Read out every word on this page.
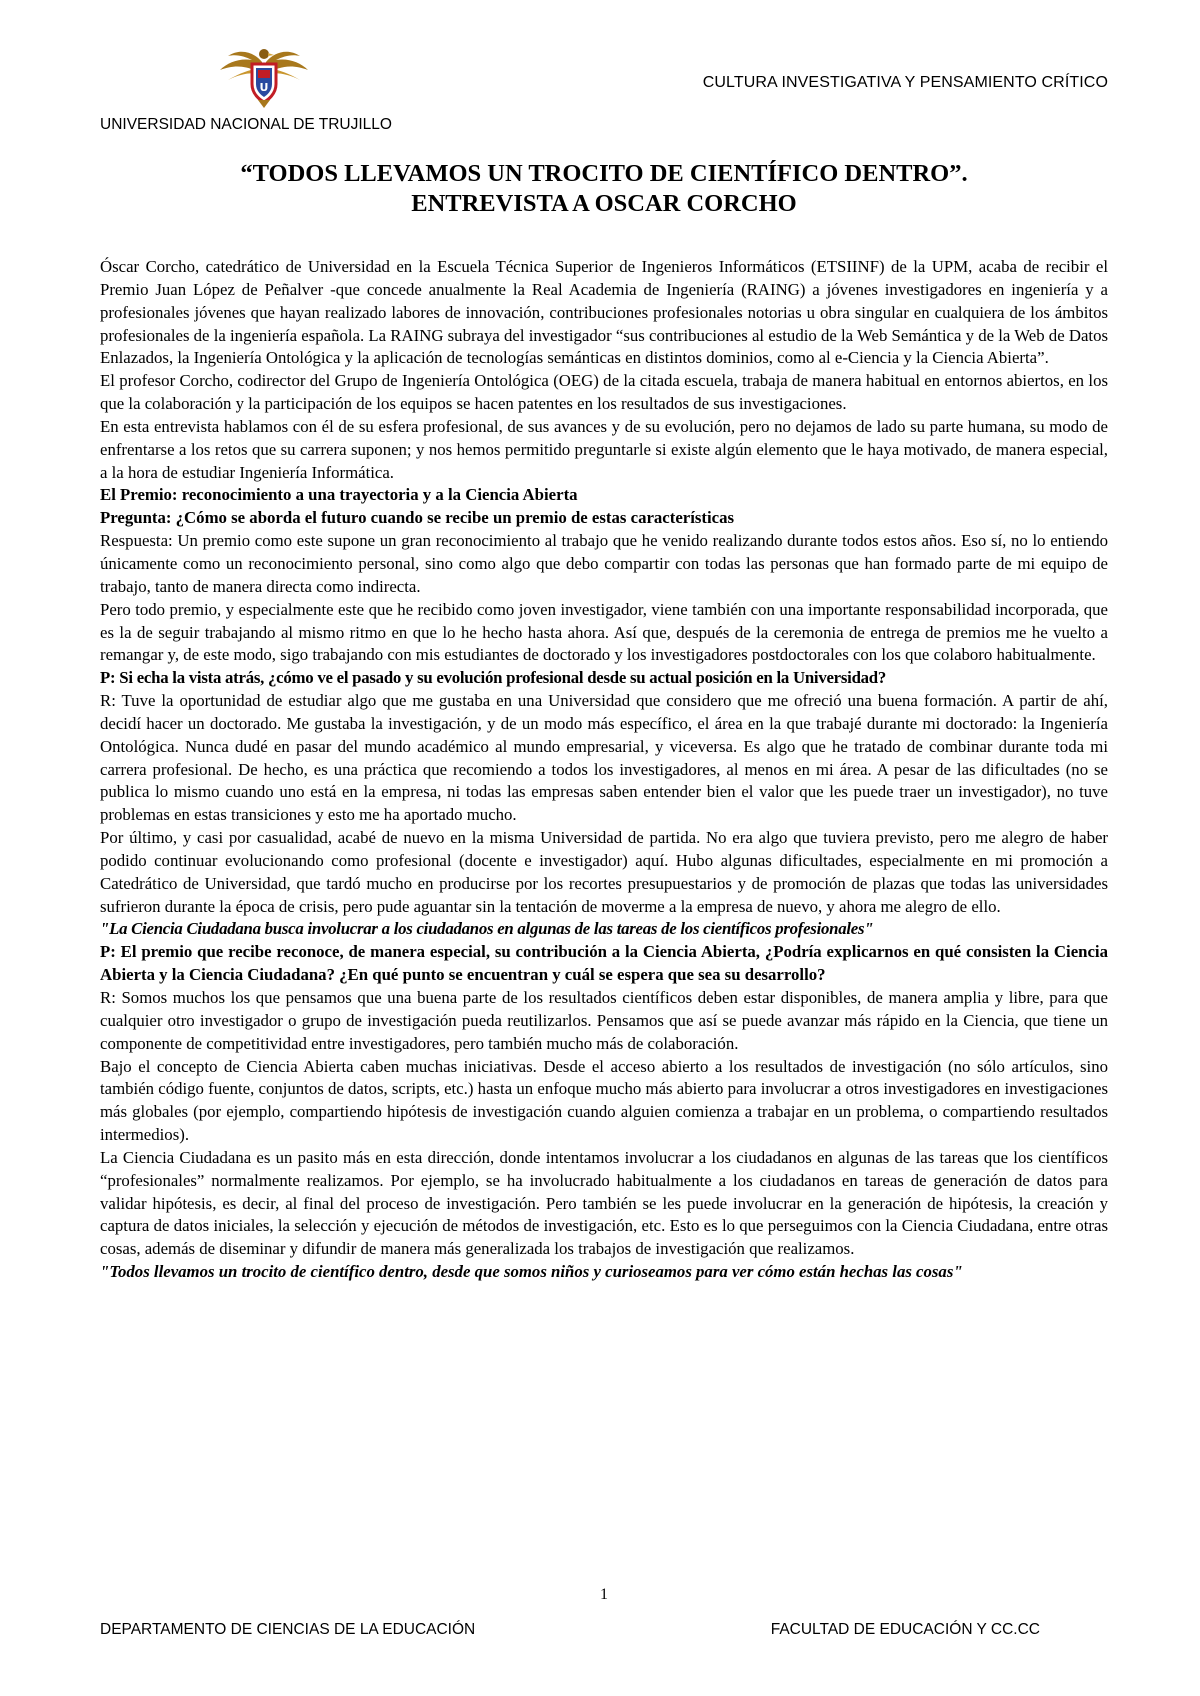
U	CULTURA INVESTIGATIVA Y PENSAMIENTO CRÍTICO
UNIVERSIDAD NACIONAL DE TRUJILLO
“TODOS LLEVAMOS UN TROCITO DE CIENTÍFICO DENTRO”.
ENTREVISTA A OSCAR CORCHO

Óscar Corcho, catedrático de Universidad en la Escuela Técnica Superior de Ingenieros Informáticos (ETSIINF) de la UPM, acaba de recibir el Premio Juan López de Peñalver -que concede anualmente la Real Academia de Ingeniería (RAING) a jóvenes investigadores en ingeniería y a profesionales jóvenes que hayan realizado labores de innovación, contribuciones profesionales notorias u obra singular en cualquiera de los ámbitos profesionales de la ingeniería española. La RAING subraya del investigador “sus contribuciones al estudio de la Web Semántica y de la Web de Datos Enlazados, la Ingeniería Ontológica y la aplicación de tecnologías semánticas en distintos dominios, como al e-Ciencia y la Ciencia Abierta”.

El profesor Corcho, codirector del Grupo de Ingeniería Ontológica (OEG) de la citada escuela, trabaja de manera habitual en entornos abiertos, en los que la colaboración y la participación de los equipos se hacen patentes en los resultados de sus investigaciones.

En esta entrevista hablamos con él de su esfera profesional, de sus avances y de su evolución, pero no dejamos de lado su parte humana, su modo de enfrentarse a los retos que su carrera suponen; y nos hemos permitido preguntarle si existe algún elemento que le haya motivado, de manera especial, a la hora de estudiar Ingeniería Informática.

El Premio: reconocimiento a una trayectoria y a la Ciencia Abierta

Pregunta: ¿Cómo se aborda el futuro cuando se recibe un premio de estas características

Respuesta: Un premio como este supone un gran reconocimiento al trabajo que he venido realizando durante todos estos años. Eso sí, no lo entiendo únicamente como un reconocimiento personal, sino como algo que debo compartir con todas las personas que han formado parte de mi equipo de trabajo, tanto de manera directa como indirecta.

Pero todo premio, y especialmente este que he recibido como joven investigador, viene también con una importante responsabilidad incorporada, que es la de seguir trabajando al mismo ritmo en que lo he hecho hasta ahora. Así que, después de la ceremonia de entrega de premios me he vuelto a remangar y, de este modo, sigo trabajando con mis estudiantes de doctorado y los investigadores postdoctorales con los que colaboro habitualmente.

P: Si echa la vista atrás, ¿cómo ve el pasado y su evolución profesional desde su actual posición en la Universidad?

R: Tuve la oportunidad de estudiar algo que me gustaba en una Universidad que considero que me ofreció una buena formación. A partir de ahí, decidí hacer un doctorado. Me gustaba la investigación, y de un modo más específico, el área en la que trabajé durante mi doctorado: la Ingeniería Ontológica. Nunca dudé en pasar del mundo académico al mundo empresarial, y viceversa. Es algo que he tratado de combinar durante toda mi carrera profesional. De hecho, es una práctica que recomiendo a todos los investigadores, al menos en mi área. A pesar de las dificultades (no se publica lo mismo cuando uno está en la empresa, ni todas las empresas saben entender bien el valor que les puede traer un investigador), no tuve problemas en estas transiciones y esto me ha aportado mucho.

Por último, y casi por casualidad, acabé de nuevo en la misma Universidad de partida. No era algo que tuviera previsto, pero me alegro de haber podido continuar evolucionando como profesional (docente e investigador) aquí. Hubo algunas dificultades, especialmente en mi promoción a Catedrático de Universidad, que tardó mucho en producirse por los recortes presupuestarios y de promoción de plazas que todas las universidades sufrieron durante la época de crisis, pero pude aguantar sin la tentación de moverme a la empresa de nuevo, y ahora me alegro de ello.

"La Ciencia Ciudadana busca involucrar a los ciudadanos en algunas de las tareas de los científicos profesionales"

P: El premio que recibe reconoce, de manera especial, su contribución a la Ciencia Abierta, ¿Podría explicarnos en qué consisten la Ciencia Abierta y la Ciencia Ciudadana? ¿En qué punto se encuentran y cuál se espera que sea su desarrollo?

R: Somos muchos los que pensamos que una buena parte de los resultados científicos deben estar disponibles, de manera amplia y libre, para que cualquier otro investigador o grupo de investigación pueda reutilizarlos. Pensamos que así se puede avanzar más rápido en la Ciencia, que tiene un componente de competitividad entre investigadores, pero también mucho más de colaboración.

Bajo el concepto de Ciencia Abierta caben muchas iniciativas. Desde el acceso abierto a los resultados de investigación (no sólo artículos, sino también código fuente, conjuntos de datos, scripts, etc.) hasta un enfoque mucho más abierto para involucrar a otros investigadores en investigaciones más globales (por ejemplo, compartiendo hipótesis de investigación cuando alguien comienza a trabajar en un problema, o compartiendo resultados intermedios).

La Ciencia Ciudadana es un pasito más en esta dirección, donde intentamos involucrar a los ciudadanos en algunas de las tareas que los científicos “profesionales” normalmente realizamos. Por ejemplo, se ha involucrado habitualmente a los ciudadanos en tareas de generación de datos para validar hipótesis, es decir, al final del proceso de investigación. Pero también se les puede involucrar en la generación de hipótesis, la creación y captura de datos iniciales, la selección y ejecución de métodos de investigación, etc. Esto es lo que perseguimos con la Ciencia Ciudadana, entre otras cosas, además de diseminar y difundir de manera más generalizada los trabajos de investigación que realizamos.

"Todos llevamos un trocito de científico dentro, desde que somos niños y curioseamos para ver cómo están hechas las cosas"

1
DEPARTAMENTO DE CIENCIAS DE LA EDUCACIÓN	FACULTAD DE EDUCACIÓN Y CC.CC
